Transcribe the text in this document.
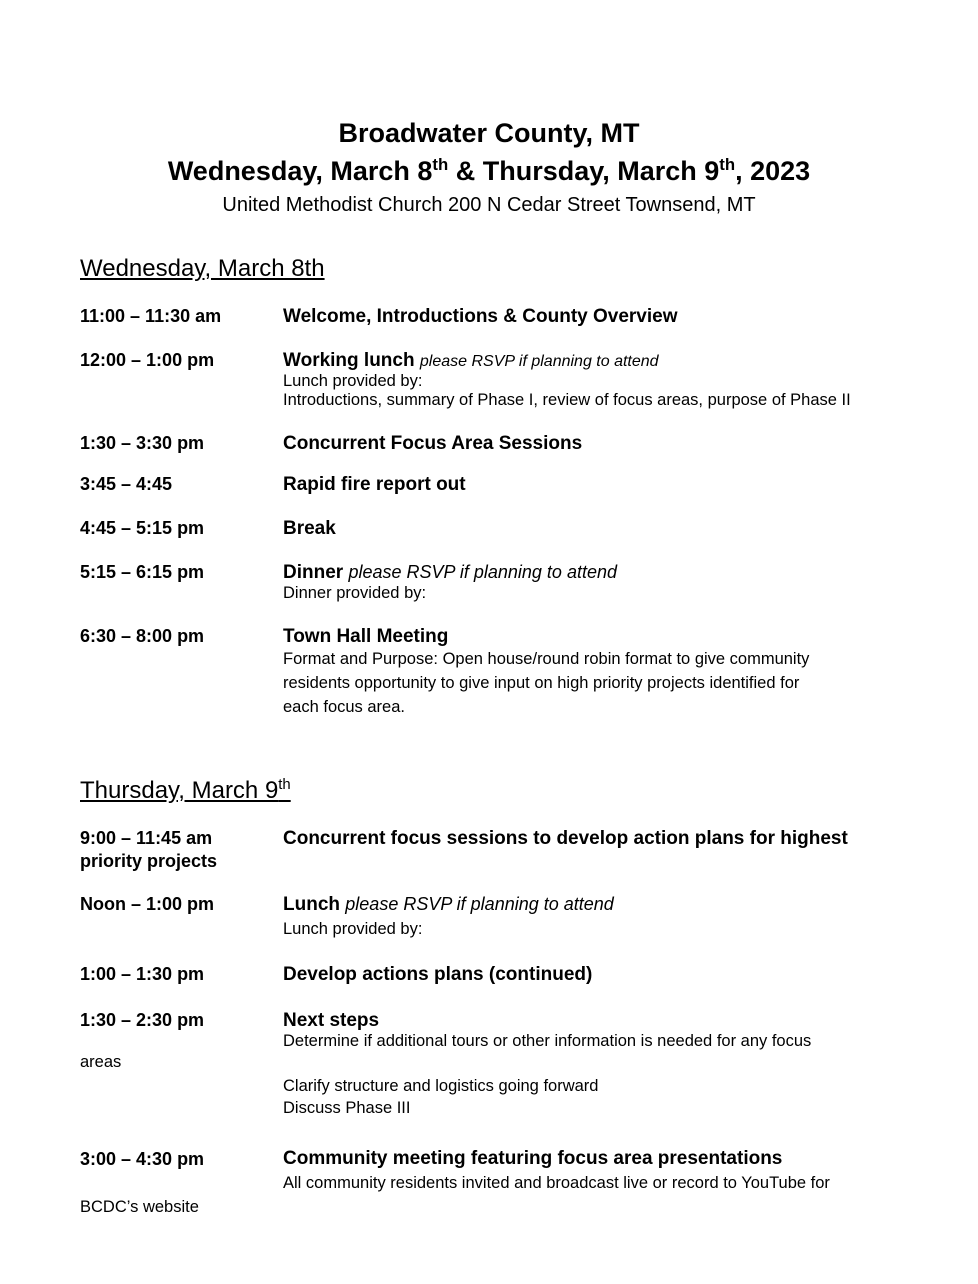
Broadwater County, MT
Wednesday, March 8th & Thursday, March 9th, 2023
United Methodist Church 200 N Cedar Street Townsend, MT
Wednesday, March 8th
11:00 – 11:30 am	Welcome, Introductions & County Overview
12:00 – 1:00 pm	Working lunch please RSVP if planning to attend
Lunch provided by:
Introductions, summary of Phase I, review of focus areas, purpose of Phase II
1:30 – 3:30 pm	Concurrent Focus Area Sessions
3:45 – 4:45	Rapid fire report out
4:45 – 5:15 pm	Break
5:15 – 6:15 pm	Dinner please RSVP if planning to attend
Dinner provided by:
6:30 – 8:00 pm	Town Hall Meeting
Format and Purpose: Open house/round robin format to give community
residents opportunity to give input on high priority projects identified for
each focus area.
Thursday, March 9th
9:00 – 11:45 am	Concurrent focus sessions to develop action plans for highest
priority projects
Noon – 1:00 pm	Lunch please RSVP if planning to attend
Lunch provided by:
1:00 – 1:30 pm	Develop actions plans (continued)
1:30 – 2:30 pm	Next steps
Determine if additional tours or other information is needed for any focus
areas
Clarify structure and logistics going forward
Discuss Phase III
3:00 – 4:30 pm	Community meeting featuring focus area presentations
All community residents invited and broadcast live or record to YouTube for
BCDC’s website
